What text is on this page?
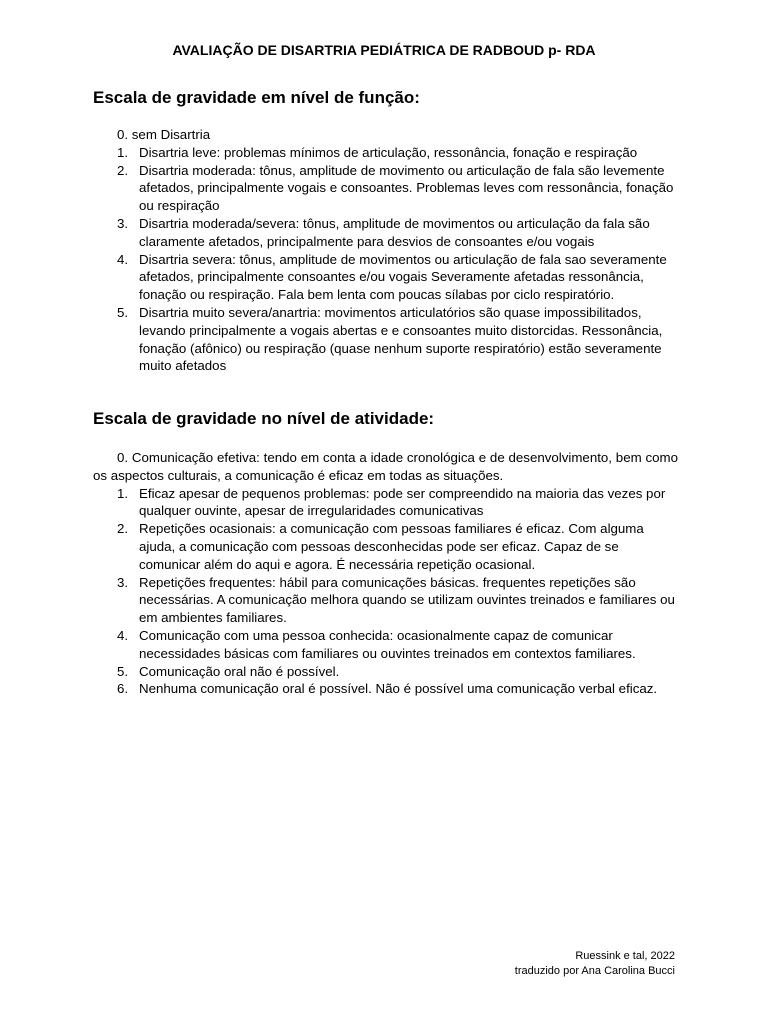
AVALIAÇÃO DE DISARTRIA PEDIÁTRICA DE RADBOUD p- RDA
Escala de gravidade em nível de função:
0. sem Disartria
1. Disartria leve: problemas mínimos de articulação, ressonância, fonação e respiração
2. Disartria moderada: tônus, amplitude de movimento ou articulação de fala são levemente afetados, principalmente vogais e consoantes. Problemas leves com ressonância, fonação ou respiração
3. Disartria moderada/severa: tônus, amplitude de movimentos ou articulação da fala são claramente afetados, principalmente para desvios de consoantes e/ou vogais
4. Disartria severa: tônus, amplitude de movimentos ou articulação de fala sao severamente afetados, principalmente consoantes e/ou vogais Severamente afetadas ressonância, fonação ou respiração. Fala bem lenta com poucas sílabas por ciclo respiratório.
5. Disartria muito severa/anartria: movimentos articulatórios são quase impossibilitados, levando principalmente a vogais abertas e e consoantes muito distorcidas. Ressonância, fonação (afônico) ou respiração (quase nenhum suporte respiratório) estão severamente muito afetados
Escala de gravidade no nível de atividade:
0. Comunicação efetiva: tendo em conta a idade cronológica e de desenvolvimento, bem como os aspectos culturais, a comunicação é eficaz em todas as situações.
1. Eficaz apesar de pequenos problemas: pode ser compreendido na maioria das vezes por qualquer ouvinte, apesar de irregularidades comunicativas
2. Repetições ocasionais: a comunicação com pessoas familiares é eficaz. Com alguma ajuda, a comunicação com pessoas desconhecidas pode ser eficaz. Capaz de se comunicar além do aqui e agora. É necessária repetição ocasional.
3. Repetições frequentes: hábil para comunicações básicas. frequentes repetições são necessárias. A comunicação melhora quando se utilizam ouvintes treinados e familiares ou em ambientes familiares.
4. Comunicação com uma pessoa conhecida: ocasionalmente capaz de comunicar necessidades básicas com familiares ou ouvintes treinados em contextos familiares.
5. Comunicação oral não é possível.
6. Nenhuma comunicação oral é possível. Não é possível uma comunicação verbal eficaz.
Ruessink e tal, 2022
traduzido por Ana Carolina Bucci
